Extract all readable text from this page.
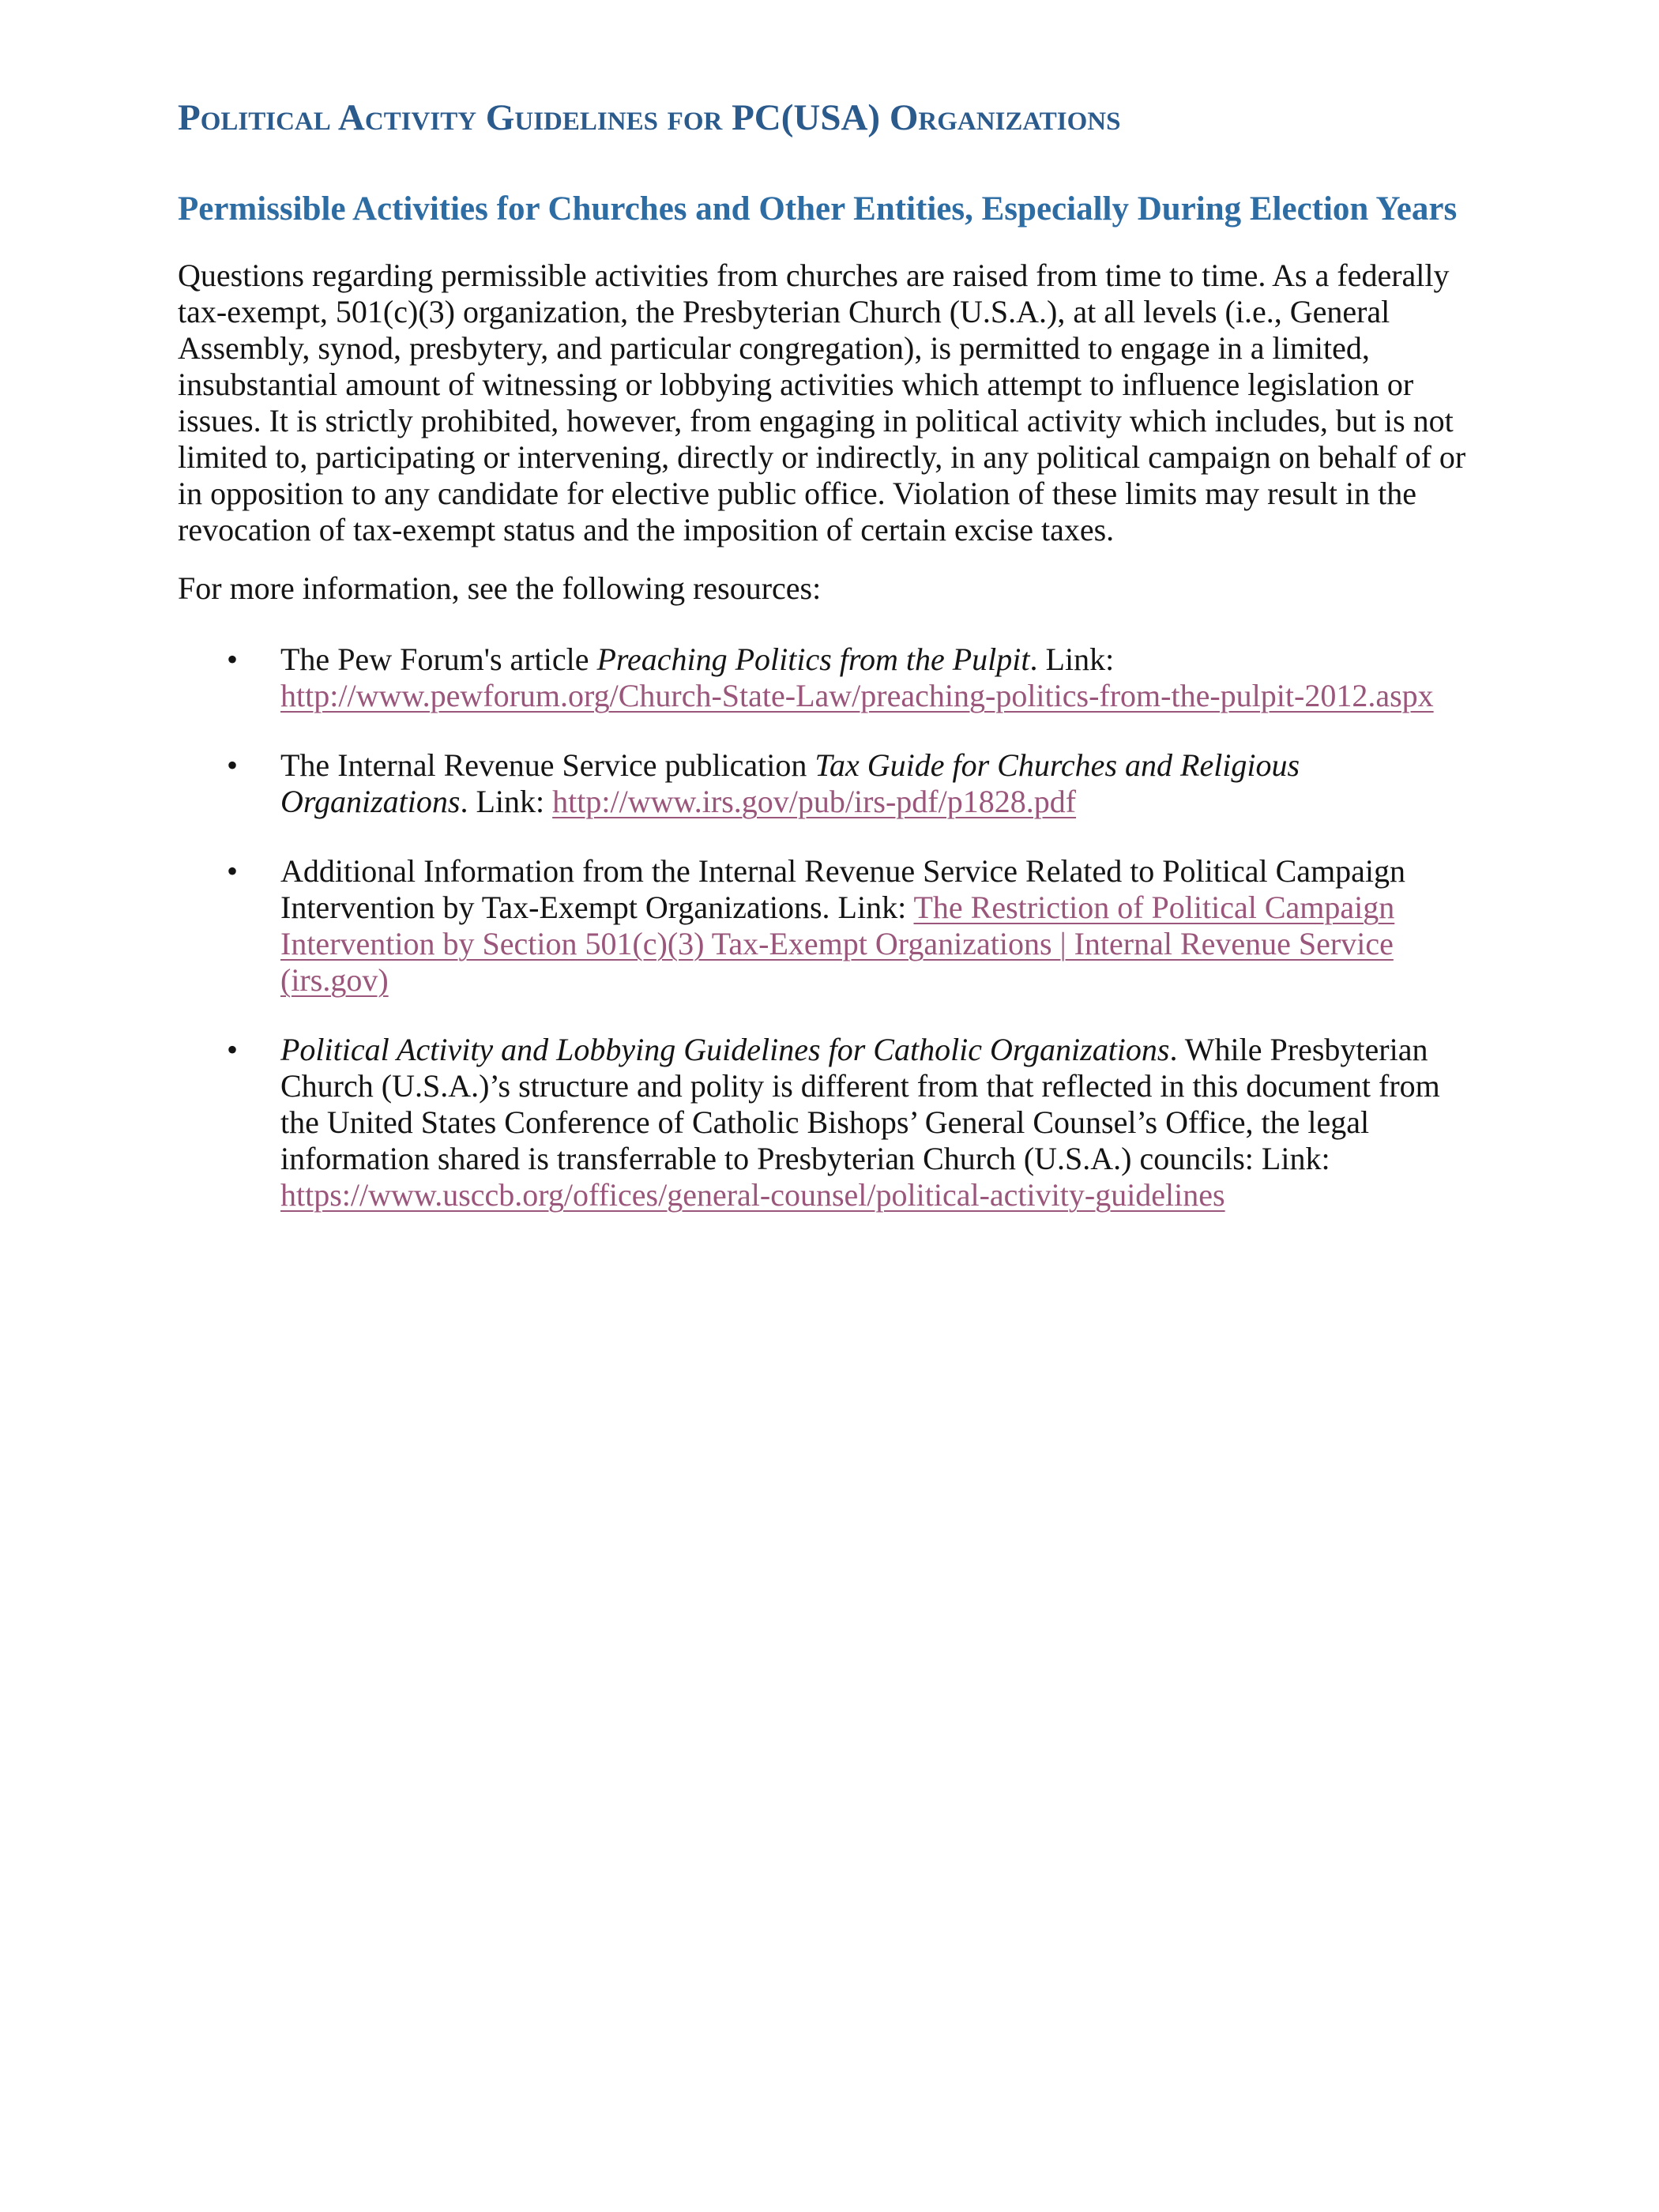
Political Activity Guidelines for PC(USA) Organizations
Permissible Activities for Churches and Other Entities, Especially During Election Years

Questions regarding permissible activities from churches are raised from time to time. As a federally tax-exempt, 501(c)(3) organization, the Presbyterian Church (U.S.A.), at all levels (i.e., General Assembly, synod, presbytery, and particular congregation), is permitted to engage in a limited, insubstantial amount of witnessing or lobbying activities which attempt to influence legislation or issues. It is strictly prohibited, however, from engaging in political activity which includes, but is not limited to, participating or intervening, directly or indirectly, in any political campaign on behalf of or in opposition to any candidate for elective public office. Violation of these limits may result in the revocation of tax-exempt status and the imposition of certain excise taxes.

For more information, see the following resources:

• The Pew Forum's article Preaching Politics from the Pulpit. Link: http://www.pewforum.org/Church-State-Law/preaching-politics-from-the-pulpit-2012.aspx
• The Internal Revenue Service publication Tax Guide for Churches and Religious Organizations. Link: http://www.irs.gov/pub/irs-pdf/p1828.pdf
• Additional Information from the Internal Revenue Service Related to Political Campaign Intervention by Tax-Exempt Organizations. Link: The Restriction of Political Campaign Intervention by Section 501(c)(3) Tax-Exempt Organizations | Internal Revenue Service (irs.gov)
• Political Activity and Lobbying Guidelines for Catholic Organizations. While Presbyterian Church (U.S.A.)’s structure and polity is different from that reflected in this document from the United States Conference of Catholic Bishops’ General Counsel’s Office, the legal information shared is transferrable to Presbyterian Church (U.S.A.) councils: Link: https://www.usccb.org/offices/general-counsel/political-activity-guidelines
